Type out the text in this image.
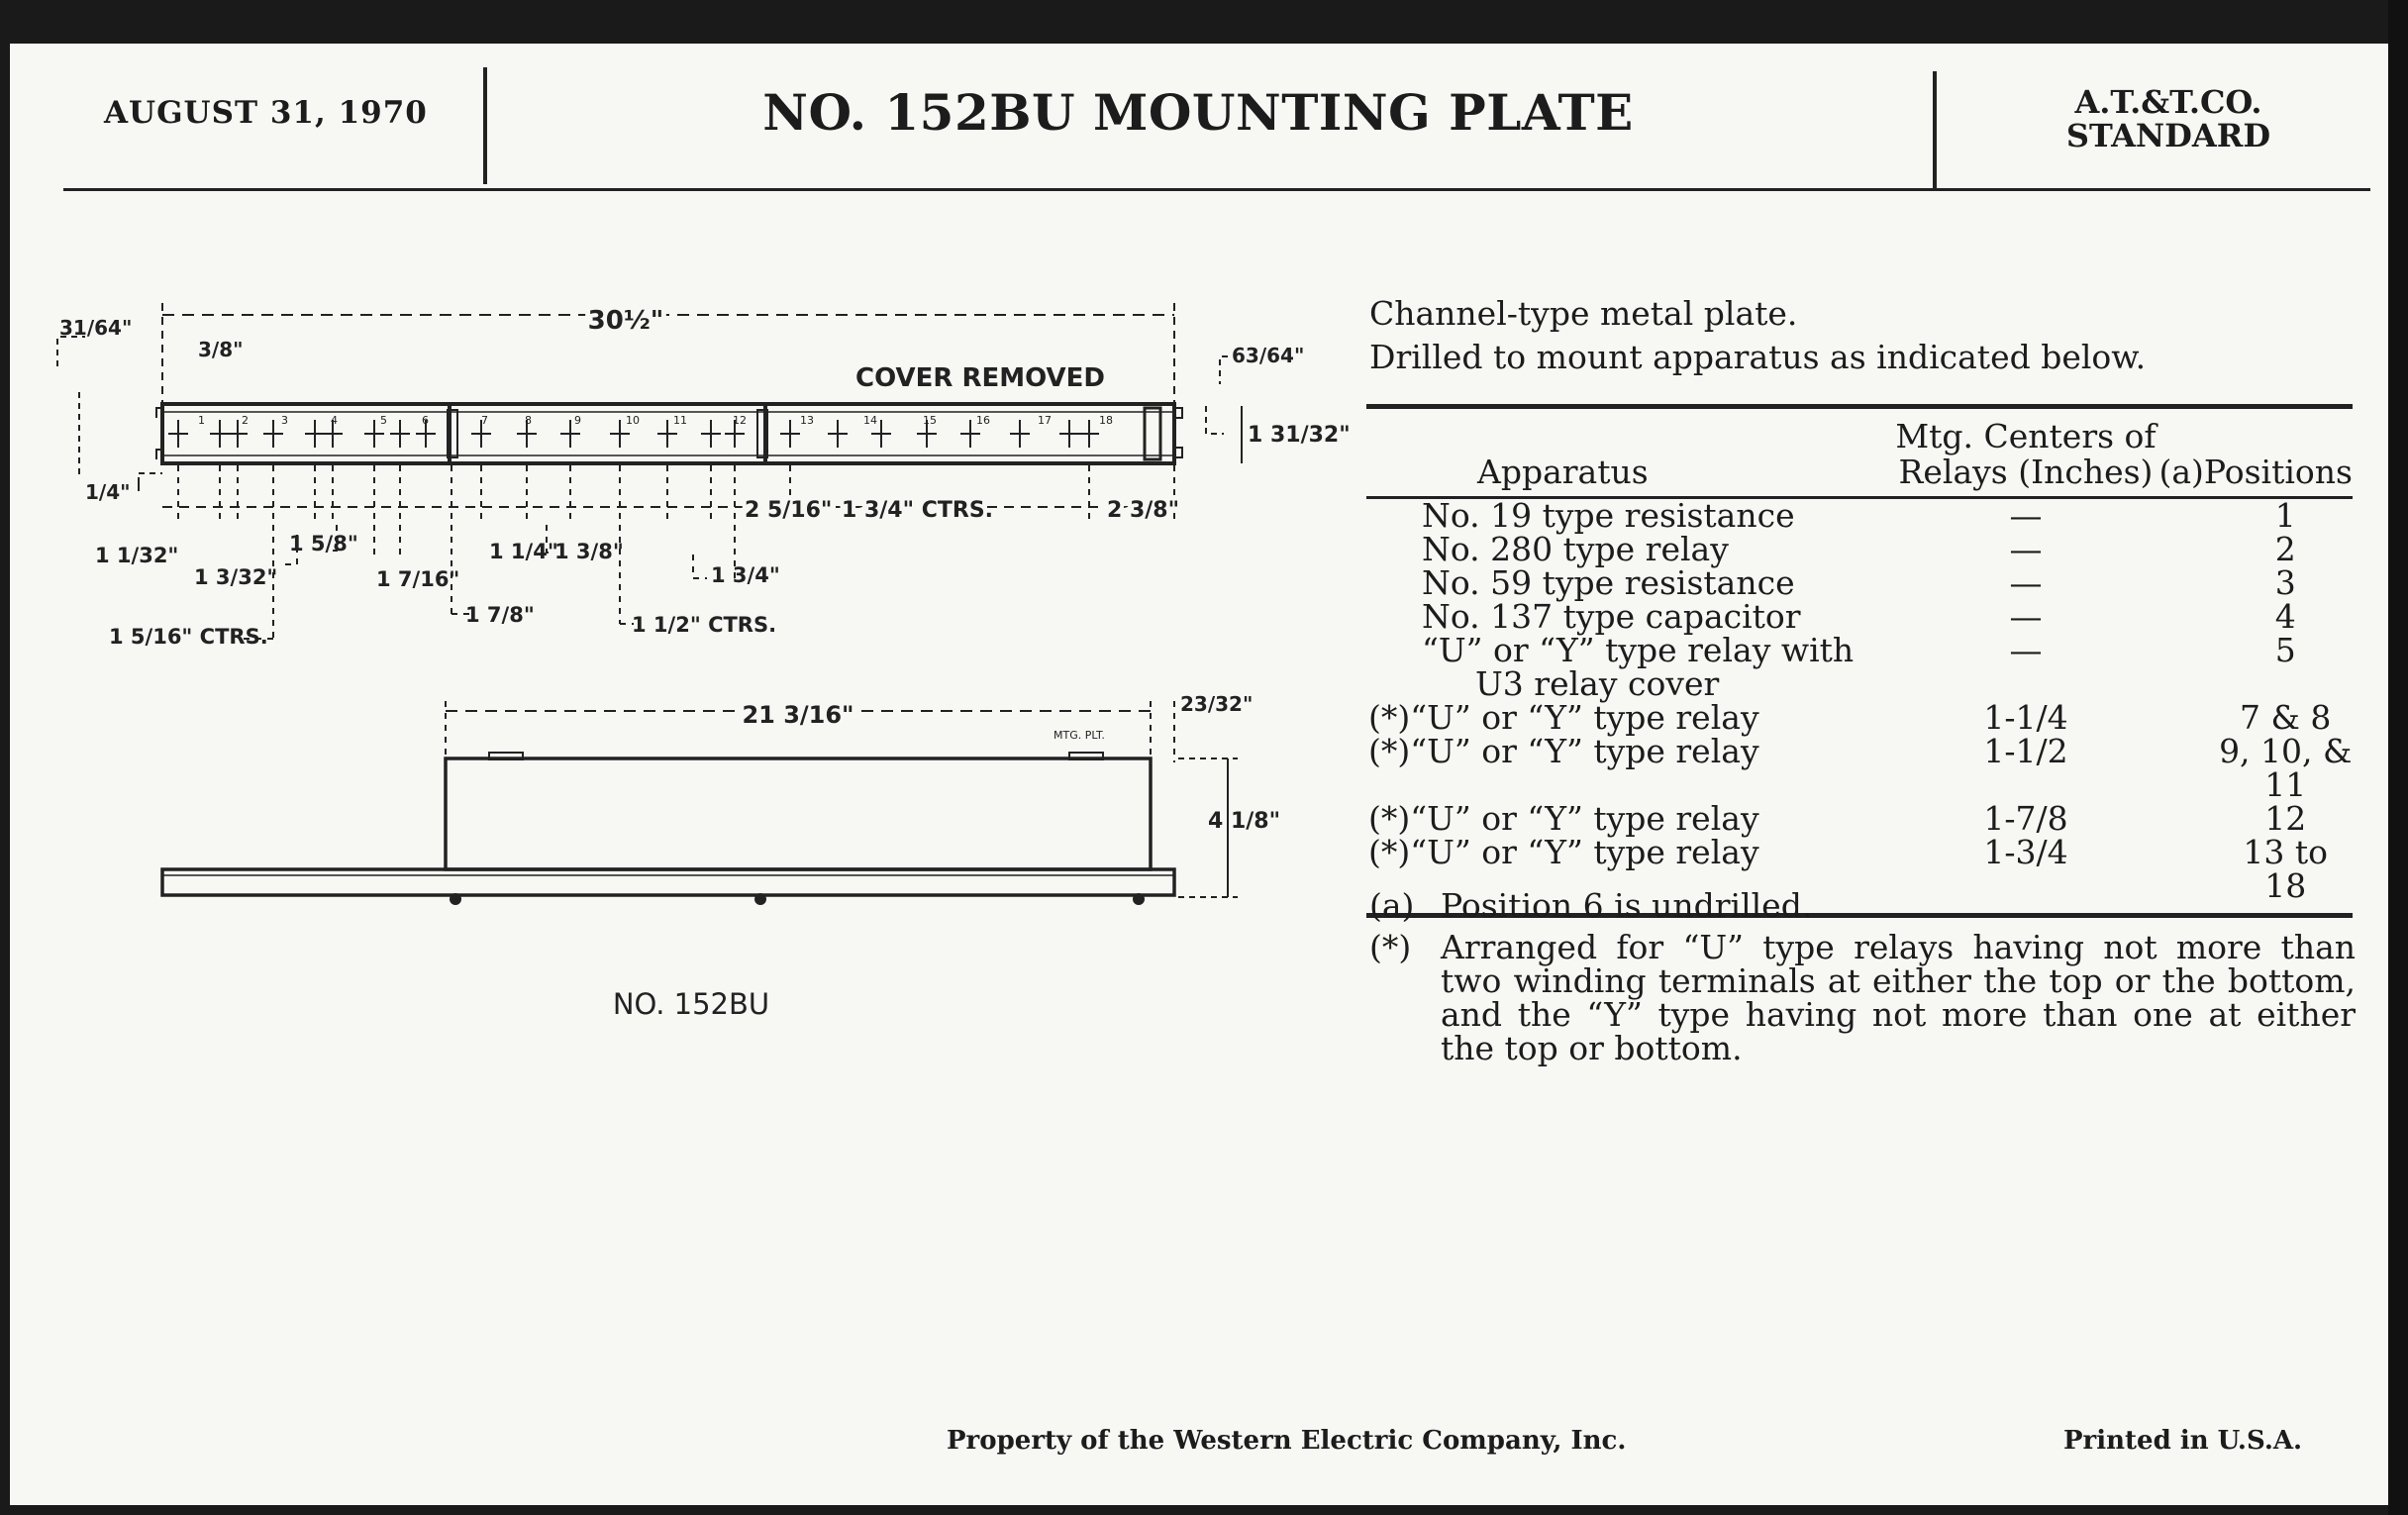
AUGUST 31, 1970	NO. 152BU MOUNTING PLATE	A.T.&T.CO.
STANDARD
1	2	3	4	5	6	7	8	9	10	11	12	13	14	15	16	17	18
COVER REMOVED
30½"
3/8"
31/64"
63/64"
1 31/32"
1/4"
1 1/32"
1 3/32"
1 5/16" CTRS.
1 5/8"
1 7/16"
1 1/4"
1 7/8"
1 3/8"
1 1/2" CTRS.
1 3/4"
2 5/16" 1 3/4" CTRS.	2 3/8"
21 3/16"	23/32"
MTG. PLT.
4 1/8"
NO. 152BU
Channel-type metal plate.
Drilled to mount apparatus as indicated below.
Apparatus	Mtg. Centers of
Relays (Inches)	(a)Positions
No. 19 type resistance	—	1
No. 280 type relay	—	2
No. 59 type resistance	—	3
No. 137 type capacitor	—	4
“U” or “Y” type relay with	—	5
U3 relay cover		
(*)“U” or “Y” type relay	1-1/4	7 & 8
(*)“U” or “Y” type relay	1-1/2	9, 10, & 11
(*)“U” or “Y” type relay	1-7/8	12
(*)“U” or “Y” type relay	1-3/4	13 to 18
(a) Position 6 is undrilled.
(*) Arranged for “U” type relays having not more than two winding terminals at either the top or the bottom, and the “Y” type having not more than one at either the top or bottom.
Property of the Western Electric Company, Inc.	Printed in U.S.A.
